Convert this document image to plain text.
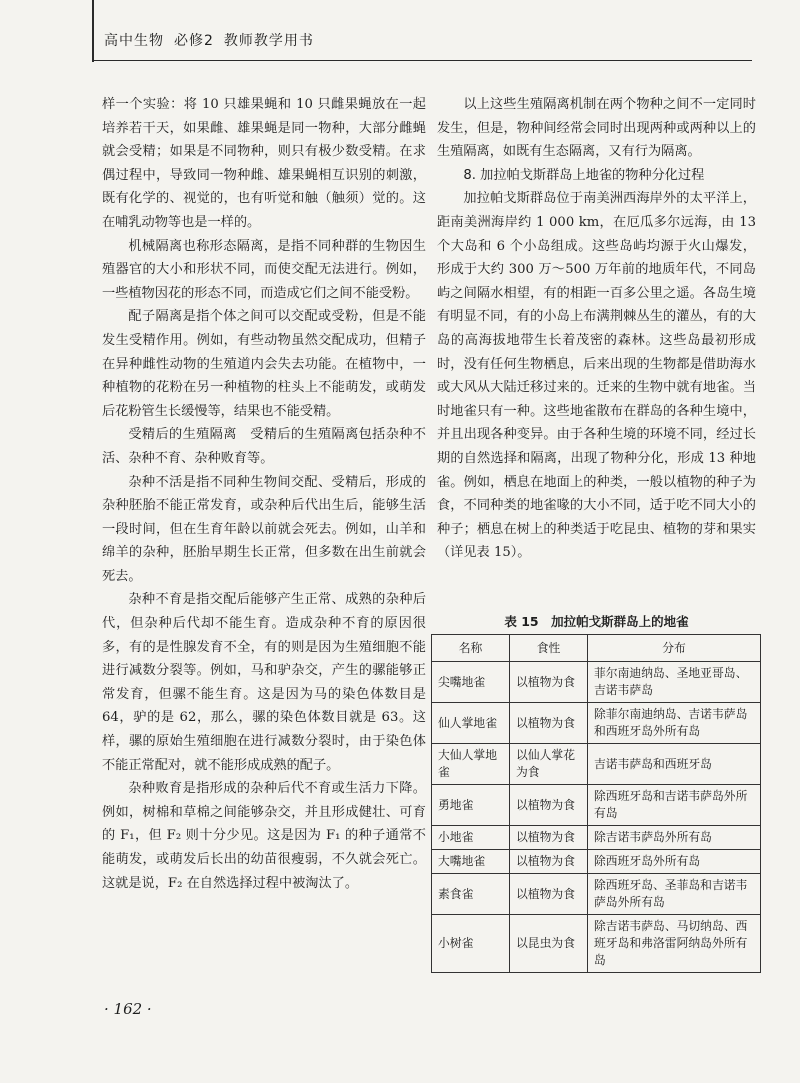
高中生物 必修2 教师教学用书

样一个实验：将 10 只雄果蝇和 10 只雌果蝇放在一起培养若干天，如果雌、雄果蝇是同一物种，大部分雌蝇就会受精；如果是不同物种，则只有极少数受精。在求偶过程中，导致同一物种雌、雄果蝇相互识别的刺激，既有化学的、视觉的，也有听觉和触（触须）觉的。这在哺乳动物等也是一样的。

机械隔离也称形态隔离，是指不同种群的生物因生殖器官的大小和形状不同，而使交配无法进行。例如，一些植物因花的形态不同，而造成它们之间不能受粉。

配子隔离是指个体之间可以交配或受粉，但是不能发生受精作用。例如，有些动物虽然交配成功，但精子在异种雌性动物的生殖道内会失去功能。在植物中，一种植物的花粉在另一种植物的柱头上不能萌发，或萌发后花粉管生长缓慢等，结果也不能受精。

受精后的生殖隔离　受精后的生殖隔离包括杂种不活、杂种不育、杂种败育等。

杂种不活是指不同种生物间交配、受精后，形成的杂种胚胎不能正常发育，或杂种后代出生后，能够生活一段时间，但在生育年龄以前就会死去。例如，山羊和绵羊的杂种，胚胎早期生长正常，但多数在出生前就会死去。

杂种不育是指交配后能够产生正常、成熟的杂种后代，但杂种后代却不能生育。造成杂种不育的原因很多，有的是性腺发育不全，有的则是因为生殖细胞不能进行减数分裂等。例如，马和驴杂交，产生的骡能够正常发育，但骡不能生育。这是因为马的染色体数目是 64，驴的是 62，那么，骡的染色体数目就是 63。这样，骡的原始生殖细胞在进行减数分裂时，由于染色体不能正常配对，就不能形成成熟的配子。

杂种败育是指形成的杂种后代不育或生活力下降。例如，树棉和草棉之间能够杂交，并且形成健壮、可育的 F₁，但 F₂ 则十分少见。这是因为 F₁ 的种子通常不能萌发，或萌发后长出的幼苗很瘦弱，不久就会死亡。这就是说，F₂ 在自然选择过程中被淘汰了。

以上这些生殖隔离机制在两个物种之间不一定同时发生，但是，物种间经常会同时出现两种或两种以上的生殖隔离，如既有生态隔离，又有行为隔离。

8. 加拉帕戈斯群岛上地雀的物种分化过程

加拉帕戈斯群岛位于南美洲西海岸外的太平洋上，距南美洲海岸约 1 000 km，在厄瓜多尔远海，由 13 个大岛和 6 个小岛组成。这些岛屿均源于火山爆发，形成于大约 300 万～500 万年前的地质年代，不同岛屿之间隔水相望，有的相距一百多公里之遥。各岛生境有明显不同，有的小岛上布满荆棘丛生的灌丛，有的大岛的高海拔地带生长着茂密的森林。这些岛最初形成时，没有任何生物栖息，后来出现的生物都是借助海水或大风从大陆迁移过来的。迁来的生物中就有地雀。当时地雀只有一种。这些地雀散布在群岛的各种生境中，并且出现各种变异。由于各种生境的环境不同，经过长期的自然选择和隔离，出现了物种分化，形成 13 种地雀。例如，栖息在地面上的种类，一般以植物的种子为食，不同种类的地雀喙的大小不同，适于吃不同大小的种子；栖息在树上的种类适于吃昆虫、植物的芽和果实（详见表 15）。

表 15　加拉帕戈斯群岛上的地雀
名称	食性	分布
尖嘴地雀	以植物为食	菲尔南迪纳岛、圣地亚哥岛、吉诺韦萨岛
仙人掌地雀	以植物为食	除菲尔南迪纳岛、吉诺韦萨岛和西班牙岛外所有岛
大仙人掌地雀	以仙人掌花为食	吉诺韦萨岛和西班牙岛
勇地雀	以植物为食	除西班牙岛和吉诺韦萨岛外所有岛
小地雀	以植物为食	除吉诺韦萨岛外所有岛
大嘴地雀	以植物为食	除西班牙岛外所有岛
素食雀	以植物为食	除西班牙岛、圣菲岛和吉诺韦萨岛外所有岛
小树雀	以昆虫为食	除吉诺韦萨岛、马切纳岛、西班牙岛和弗洛雷阿纳岛外所有岛
· 162 ·
